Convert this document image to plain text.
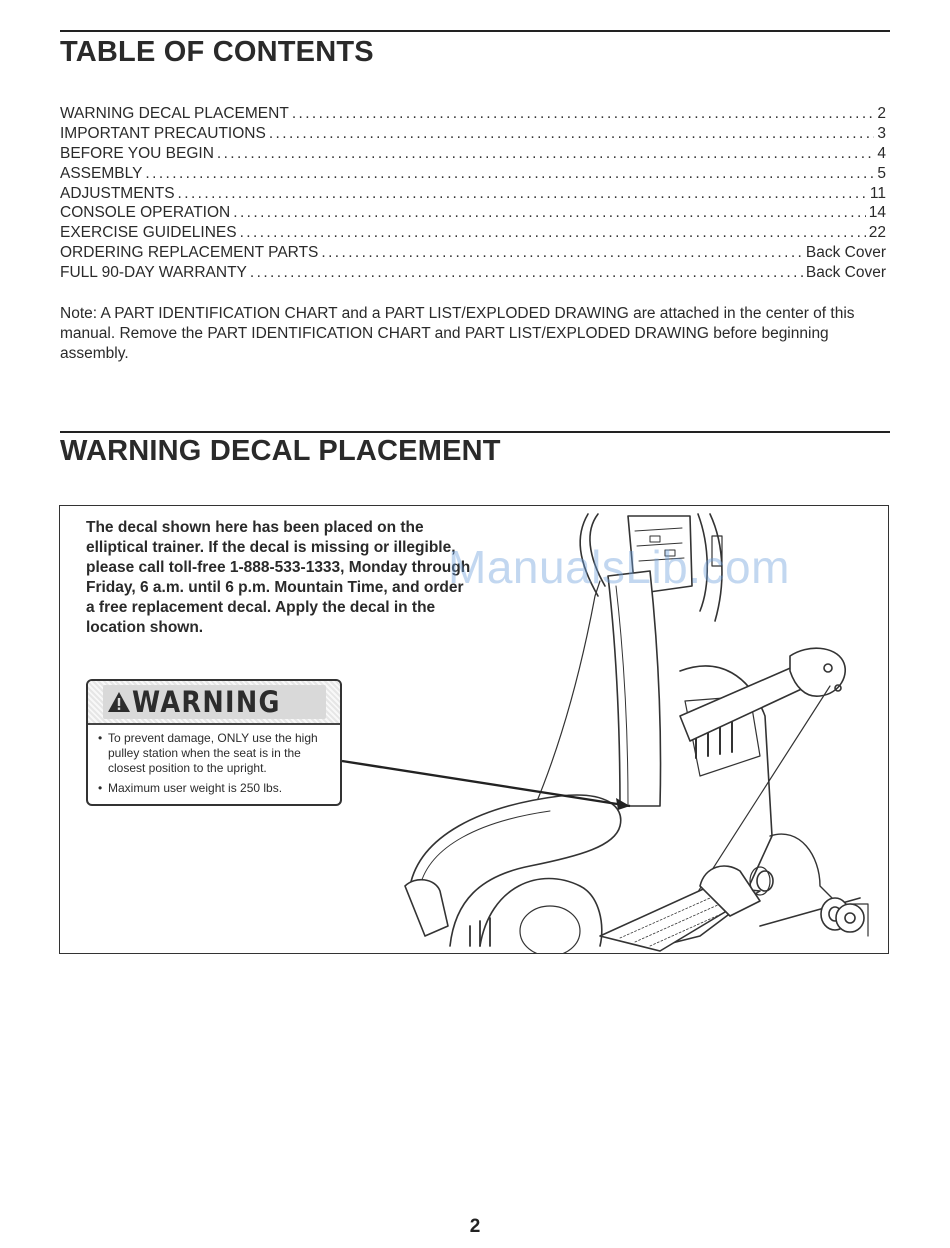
TABLE OF CONTENTS
WARNING DECAL PLACEMENT .....	2
IMPORTANT PRECAUTIONS .....	3
BEFORE YOU BEGIN .....	4
ASSEMBLY .....	5
ADJUSTMENTS .....	11
CONSOLE OPERATION .....	14
EXERCISE GUIDELINES .....	22
ORDERING REPLACEMENT PARTS .....	Back Cover
FULL 90-DAY WARRANTY .....	Back Cover

Note: A PART IDENTIFICATION CHART and a PART LIST/EXPLODED DRAWING are attached in the center of this manual. Remove the PART IDENTIFICATION CHART and PART LIST/EXPLODED DRAWING before beginning assembly.

WARNING DECAL PLACEMENT

The decal shown here has been placed on the elliptical trainer. If the decal is missing or illegible, please call toll-free 1-888-533-1333, Monday through Friday, 6 a.m. until 6 p.m. Mountain Time, and order a free replacement decal. Apply the decal in the location shown.

WARNING
• To prevent damage, ONLY use the high pulley station when the seat is in the closest position to the upright.
• Maximum user weight is 250 lbs.
ManualsLib.com
2
